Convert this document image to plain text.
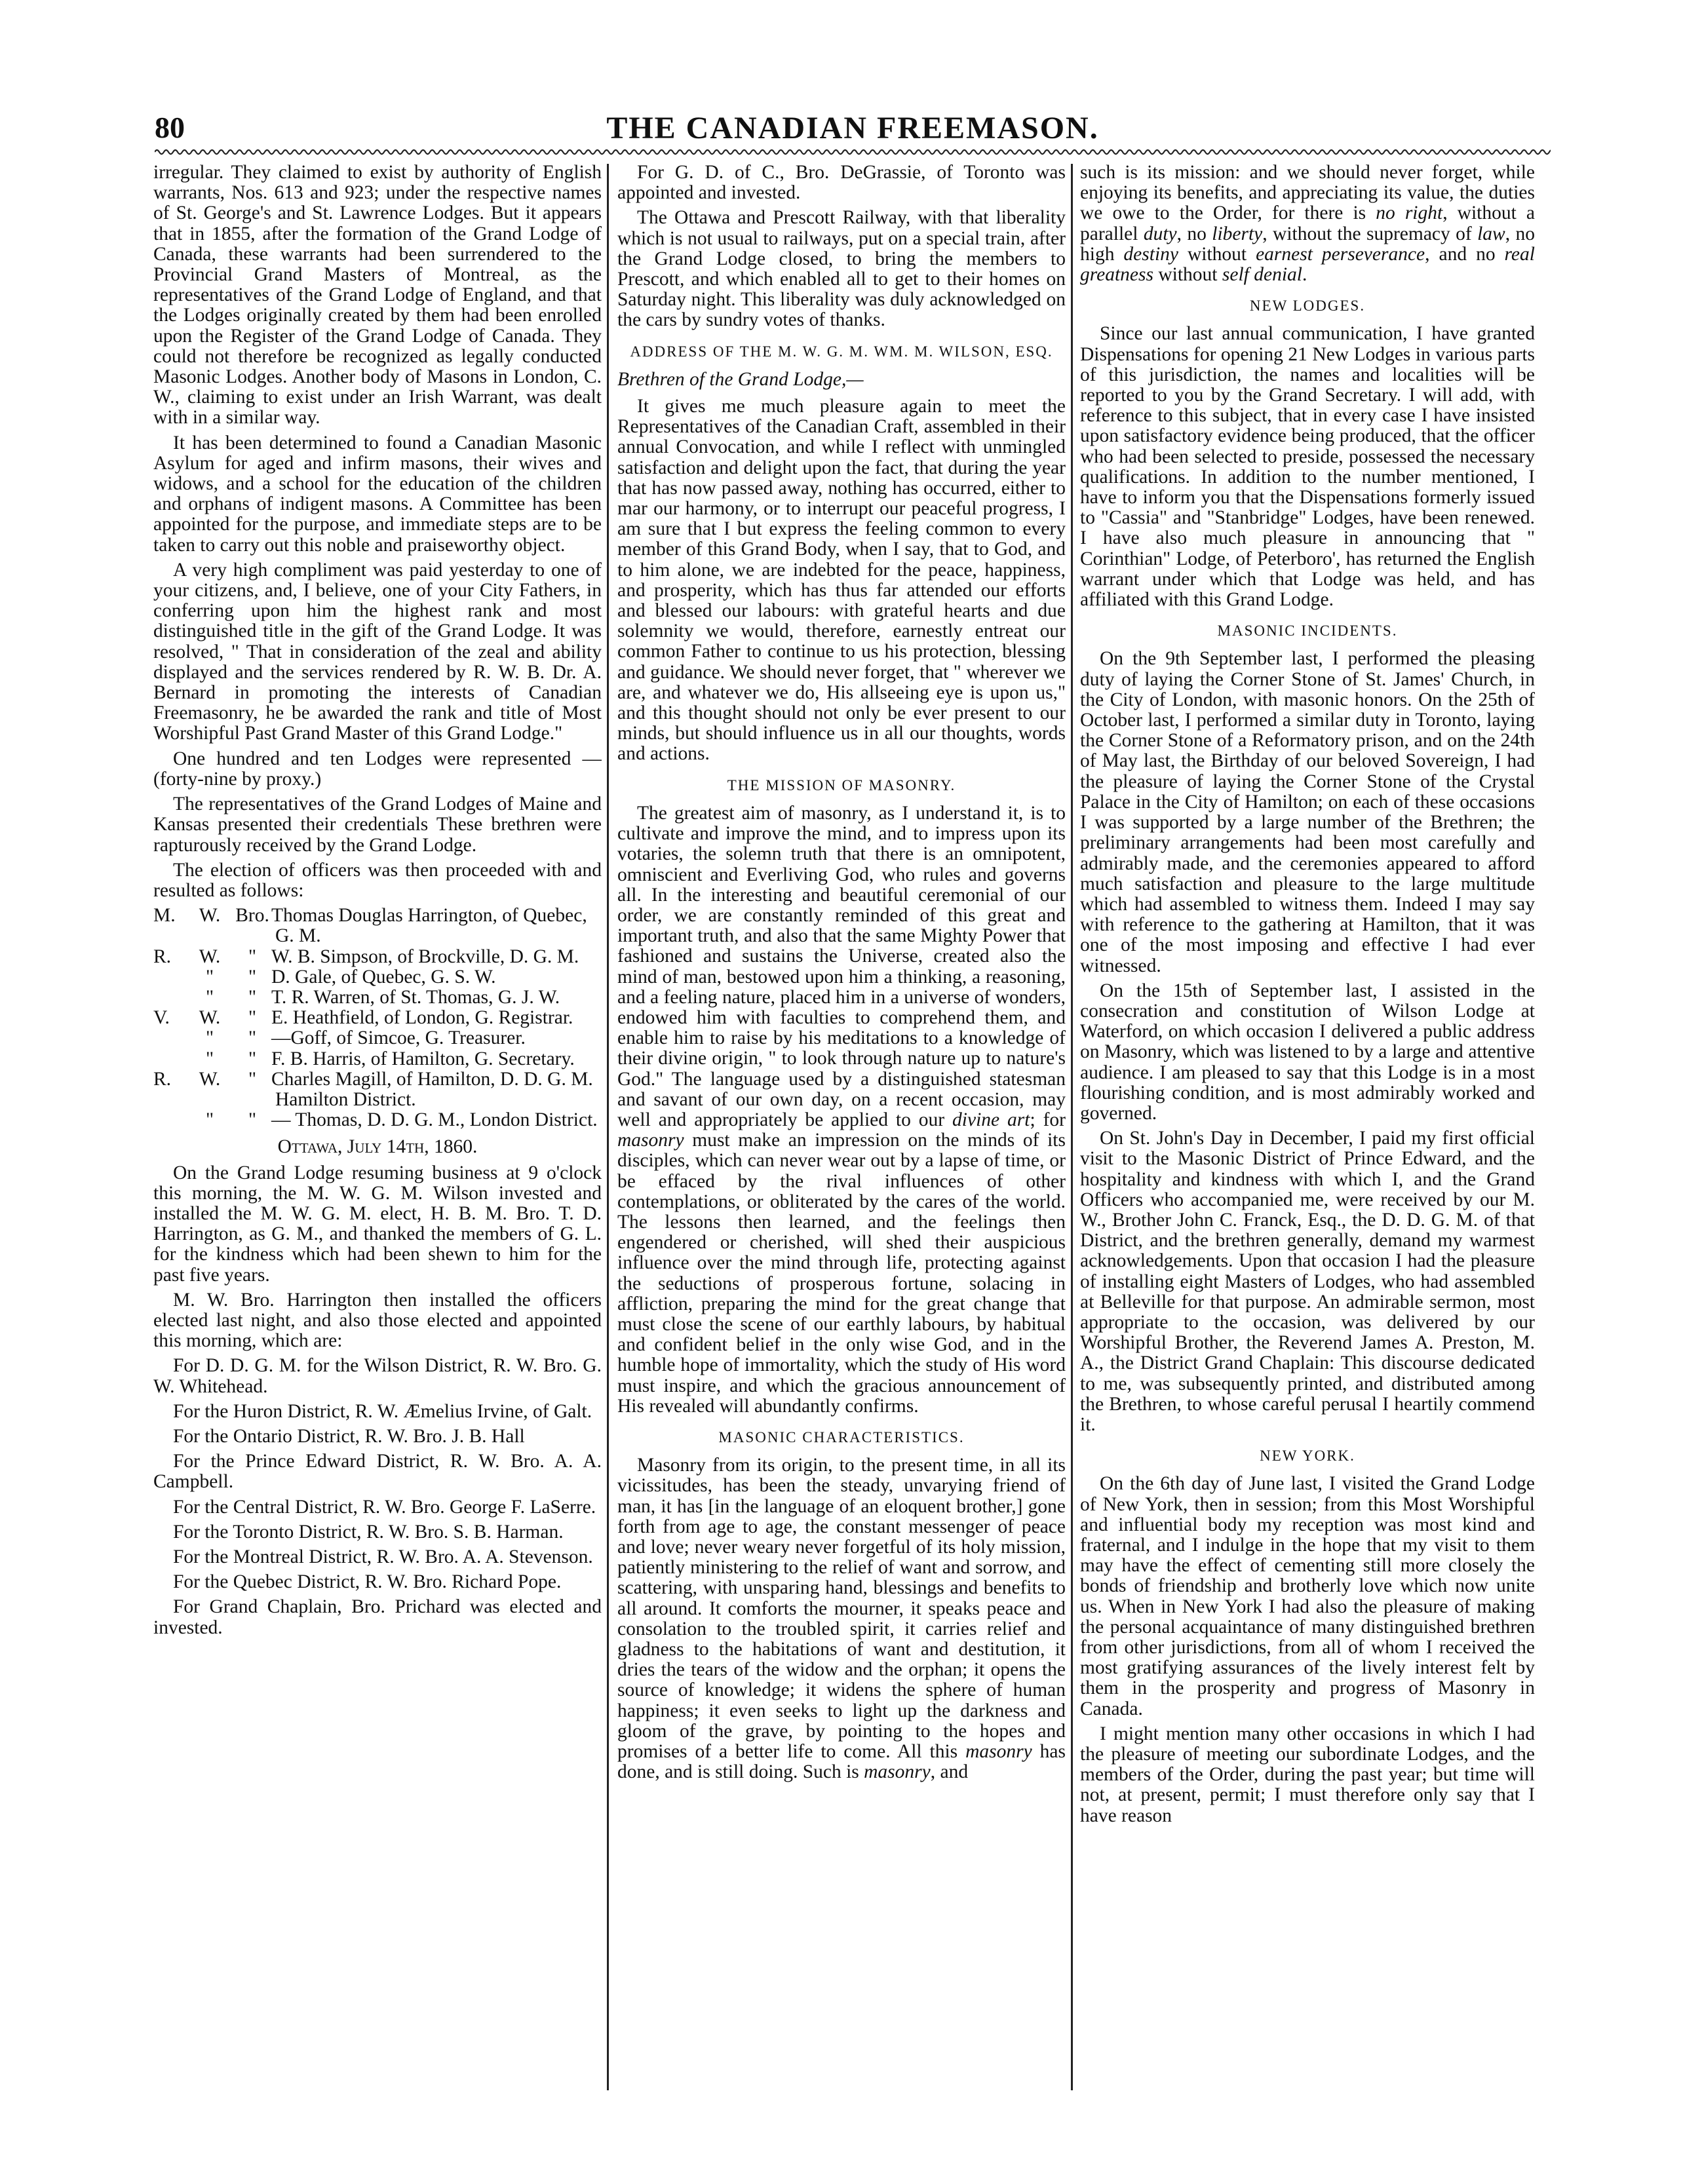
THE CANADIAN FREEMASON.
80

irregular. They claimed to exist by authority of English warrants, Nos. 613 and 923; under the respective names of St. George's and St. Lawrence Lodges. But it appears that in 1855, after the formation of the Grand Lodge of Canada, these warrants had been surrendered to the Provincial Grand Masters of Montreal, as the representatives of the Grand Lodge of England, and that the Lodges originally created by them had been enrolled upon the Register of the Grand Lodge of Canada. They could not therefore be recognized as legally conducted Masonic Lodges. Another body of Masons in London, C. W., claiming to exist under an Irish Warrant, was dealt with in a similar way.

It has been determined to found a Canadian Masonic Asylum for aged and infirm masons, their wives and widows, and a school for the education of the children and orphans of indigent masons. A Committee has been appointed for the purpose, and immediate steps are to be taken to carry out this noble and praiseworthy object.

A very high compliment was paid yesterday to one of your citizens, and, I believe, one of your City Fathers, in conferring upon him the highest rank and most distinguished title in the gift of the Grand Lodge. It was resolved, " That in consideration of the zeal and ability displayed and the services rendered by R. W. B. Dr. A. Bernard in promoting the interests of Canadian Freemasonry, he be awarded the rank and title of Most Worshipful Past Grand Master of this Grand Lodge."

One hundred and ten Lodges were represented —(forty-nine by proxy.)

The representatives of the Grand Lodges of Maine and Kansas presented their credentials These brethren were rapturously received by the Grand Lodge.

The election of officers was then proceeded with and resulted as follows:

M.	W.	Bro.	Thomas Douglas Harrington, of Quebec, G. M.
R.	W.	"	W. B. Simpson, of Brockville, D. G. M.
	"	"	D. Gale, of Quebec, G. S. W.
	"	"	T. R. Warren, of St. Thomas, G. J. W.
V.	W.	"	E. Heathfield, of London, G. Registrar.
	"	"	—Goff, of Simcoe, G. Treasurer.
	"	"	F. B. Harris, of Hamilton, G. Secretary.
R.	W.	"	Charles Magill, of Hamilton, D. D. G. M. Hamilton District.
	"	"	— Thomas, D. D. G. M., London District.

Ottawa, July 14th, 1860.

On the Grand Lodge resuming business at 9 o'clock this morning, the M. W. G. M. Wilson invested and installed the M. W. G. M. elect, H. B. M. Bro. T. D. Harrington, as G. M., and thanked the members of G. L. for the kindness which had been shewn to him for the past five years.

M. W. Bro. Harrington then installed the officers elected last night, and also those elected and appointed this morning, which are:

For D. D. G. M. for the Wilson District, R. W. Bro. G. W. Whitehead.

For the Huron District, R. W. Æmelius Irvine, of Galt.

For the Ontario District, R. W. Bro. J. B. Hall

For the Prince Edward District, R. W. Bro. A. A. Campbell.

For the Central District, R. W. Bro. George F. LaSerre.

For the Toronto District, R. W. Bro. S. B. Harman.

For the Montreal District, R. W. Bro. A. A. Stevenson.

For the Quebec District, R. W. Bro. Richard Pope.

For Grand Chaplain, Bro. Prichard was elected and invested.

For G. D. of C., Bro. DeGrassie, of Toronto was appointed and invested.

The Ottawa and Prescott Railway, with that liberality which is not usual to railways, put on a special train, after the Grand Lodge closed, to bring the members to Prescott, and which enabled all to get to their homes on Saturday night. This liberality was duly acknowledged on the cars by sundry votes of thanks.

ADDRESS OF THE M. W. G. M. WM. M. WILSON, ESQ.

Brethren of the Grand Lodge,—

It gives me much pleasure again to meet the Representatives of the Canadian Craft, assembled in their annual Convocation, and while I reflect with unmingled satisfaction and delight upon the fact, that during the year that has now passed away, nothing has occurred, either to mar our harmony, or to interrupt our peaceful progress, I am sure that I but express the feeling common to every member of this Grand Body, when I say, that to God, and to him alone, we are indebted for the peace, happiness, and prosperity, which has thus far attended our efforts and blessed our labours: with grateful hearts and due solemnity we would, therefore, earnestly entreat our common Father to continue to us his protection, blessing and guidance. We should never forget, that " wherever we are, and whatever we do, His allseeing eye is upon us," and this thought should not only be ever present to our minds, but should influence us in all our thoughts, words and actions.

THE MISSION OF MASONRY.

The greatest aim of masonry, as I understand it, is to cultivate and improve the mind, and to impress upon its votaries, the solemn truth that there is an omnipotent, omniscient and Everliving God, who rules and governs all. In the interesting and beautiful ceremonial of our order, we are constantly reminded of this great and important truth, and also that the same Mighty Power that fashioned and sustains the Universe, created also the mind of man, bestowed upon him a thinking, a reasoning, and a feeling nature, placed him in a universe of wonders, endowed him with faculties to comprehend them, and enable him to raise by his meditations to a knowledge of their divine origin, " to look through nature up to nature's God." The language used by a distinguished statesman and savant of our own day, on a recent occasion, may well and appropriately be applied to our divine art; for masonry must make an impression on the minds of its disciples, which can never wear out by a lapse of time, or be effaced by the rival influences of other contemplations, or obliterated by the cares of the world. The lessons then learned, and the feelings then engendered or cherished, will shed their auspicious influence over the mind through life, protecting against the seductions of prosperous fortune, solacing in affliction, preparing the mind for the great change that must close the scene of our earthly labours, by habitual and confident belief in the only wise God, and in the humble hope of immortality, which the study of His word must inspire, and which the gracious announcement of His revealed will abundantly confirms.

MASONIC CHARACTERISTICS.

Masonry from its origin, to the present time, in all its vicissitudes, has been the steady, unvarying friend of man, it has [in the language of an eloquent brother,] gone forth from age to age, the constant messenger of peace and love; never weary never forgetful of its holy mission, patiently ministering to the relief of want and sorrow, and scattering, with unsparing hand, blessings and benefits to all around. It comforts the mourner, it speaks peace and consolation to the troubled spirit, it carries relief and gladness to the habitations of want and destitution, it dries the tears of the widow and the orphan; it opens the source of knowledge; it widens the sphere of human happiness; it even seeks to light up the darkness and gloom of the grave, by pointing to the hopes and promises of a better life to come. All this masonry has done, and is still doing. Such is masonry, and

such is its mission: and we should never forget, while enjoying its benefits, and appreciating its value, the duties we owe to the Order, for there is no right, without a parallel duty, no liberty, without the supremacy of law, no high destiny without earnest perseverance, and no real greatness without self denial.

NEW LODGES.

Since our last annual communication, I have granted Dispensations for opening 21 New Lodges in various parts of this jurisdiction, the names and localities will be reported to you by the Grand Secretary. I will add, with reference to this subject, that in every case I have insisted upon satisfactory evidence being produced, that the officer who had been selected to preside, possessed the necessary qualifications. In addition to the number mentioned, I have to inform you that the Dispensations formerly issued to "Cassia" and "Stanbridge" Lodges, have been renewed. I have also much pleasure in announcing that " Corinthian" Lodge, of Peterboro', has returned the English warrant under which that Lodge was held, and has affiliated with this Grand Lodge.

MASONIC INCIDENTS.

On the 9th September last, I performed the pleasing duty of laying the Corner Stone of St. James' Church, in the City of London, with masonic honors. On the 25th of October last, I performed a similar duty in Toronto, laying the Corner Stone of a Reformatory prison, and on the 24th of May last, the Birthday of our beloved Sovereign, I had the pleasure of laying the Corner Stone of the Crystal Palace in the City of Hamilton; on each of these occasions I was supported by a large number of the Brethren; the preliminary arrangements had been most carefully and admirably made, and the ceremonies appeared to afford much satisfaction and pleasure to the large multitude which had assembled to witness them. Indeed I may say with reference to the gathering at Hamilton, that it was one of the most imposing and effective I had ever witnessed.

On the 15th of September last, I assisted in the consecration and constitution of Wilson Lodge at Waterford, on which occasion I delivered a public address on Masonry, which was listened to by a large and attentive audience. I am pleased to say that this Lodge is in a most flourishing condition, and is most admirably worked and governed.

On St. John's Day in December, I paid my first official visit to the Masonic District of Prince Edward, and the hospitality and kindness with which I, and the Grand Officers who accompanied me, were received by our M. W., Brother John C. Franck, Esq., the D. D. G. M. of that District, and the brethren generally, demand my warmest acknowledgements. Upon that occasion I had the pleasure of installing eight Masters of Lodges, who had assembled at Belleville for that purpose. An admirable sermon, most appropriate to the occasion, was delivered by our Worshipful Brother, the Reverend James A. Preston, M. A., the District Grand Chaplain: This discourse dedicated to me, was subsequently printed, and distributed among the Brethren, to whose careful perusal I heartily commend it.

NEW YORK.

On the 6th day of June last, I visited the Grand Lodge of New York, then in session; from this Most Worshipful and influential body my reception was most kind and fraternal, and I indulge in the hope that my visit to them may have the effect of cementing still more closely the bonds of friendship and brotherly love which now unite us. When in New York I had also the pleasure of making the personal acquaintance of many distinguished brethren from other jurisdictions, from all of whom I received the most gratifying assurances of the lively interest felt by them in the prosperity and progress of Masonry in Canada.

I might mention many other occasions in which I had the pleasure of meeting our subordinate Lodges, and the members of the Order, during the past year; but time will not, at present, permit; I must therefore only say that I have reason
